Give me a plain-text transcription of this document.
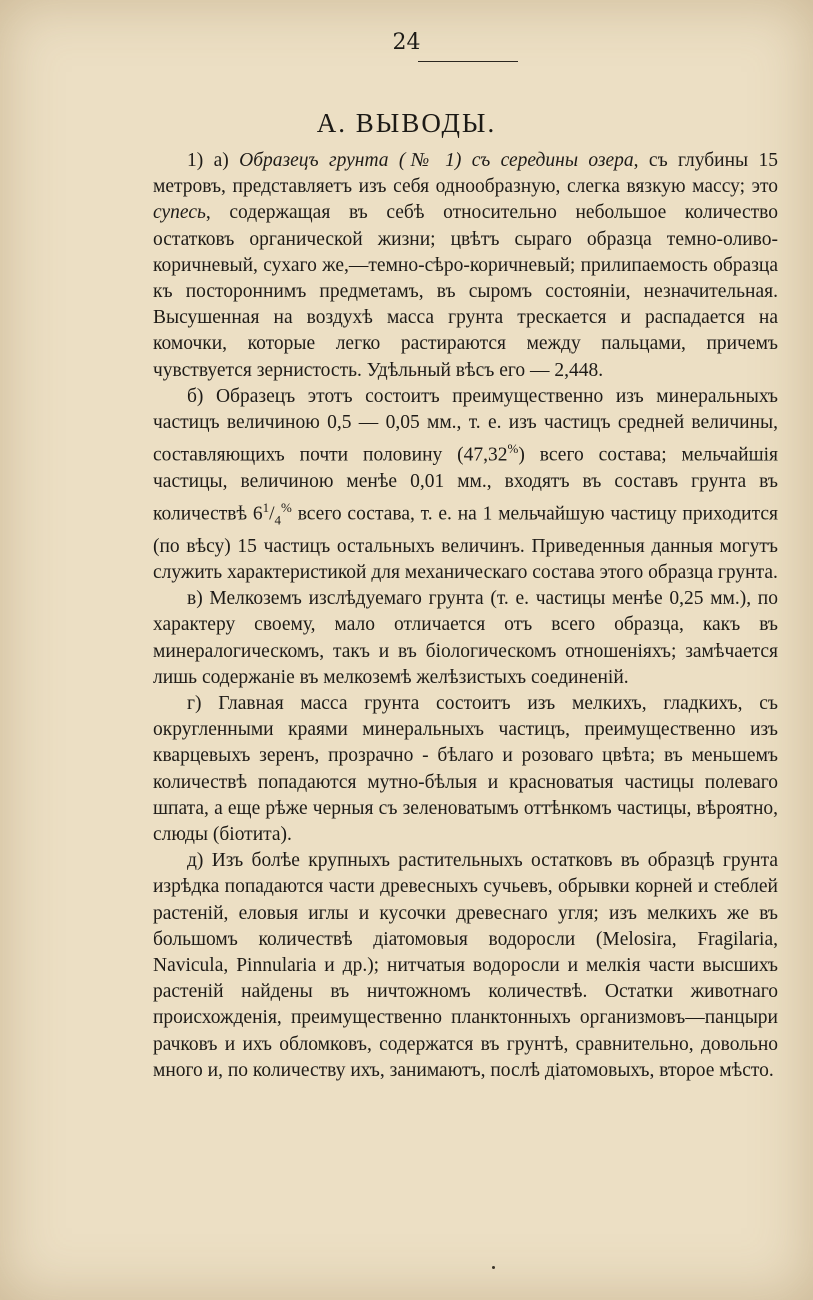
24
А. ВЫВОДЫ.

1) а) Образецъ грунта (№ 1) съ середины озера, съ глубины 15 метровъ, представляетъ изъ себя однообразную, слегка вязкую массу; это супесь, содержащая въ себѣ относительно небольшое количество остатковъ органической жизни; цвѣтъ сыраго образца темно-оливо-коричневый, сухаго же,—темно-сѣро-коричневый; прилипаемость образца къ постороннимъ предметамъ, въ сыромъ состояніи, незначительная. Высушенная на воздухѣ масса грунта трескается и распадается на комочки, которые легко растираются между пальцами, причемъ чувствуется зернистость. Удѣльный вѣсъ его — 2,448.

б) Образецъ этотъ состоитъ преимущественно изъ минеральныхъ частицъ величиною 0,5 — 0,05 мм., т. е. изъ частицъ средней величины, составляющихъ почти половину (47,32%) всего состава; мельчайшія частицы, величиною менѣе 0,01 мм., входятъ въ составъ грунта въ количествѣ $6^1/_4^{\%}$ всего состава, т. е. на 1 мельчайшую частицу приходится (по вѣсу) 15 частицъ остальныхъ величинъ. Приведенныя данныя могутъ служить характеристикой для механическаго состава этого образца грунта.

в) Мелкоземъ изслѣдуемаго грунта (т. е. частицы менѣе 0,25 мм.), по характеру своему, мало отличается отъ всего образца, какъ въ минералогическомъ, такъ и въ біологическомъ отношеніяхъ; замѣчается лишь содержаніе въ мелкоземѣ желѣзистыхъ соединеній.

г) Главная масса грунта состоитъ изъ мелкихъ, гладкихъ, съ округленными краями минеральныхъ частицъ, преимущественно изъ кварцевыхъ зеренъ, прозрачно - бѣлаго и розоваго цвѣта; въ меньшемъ количествѣ попадаются мутно-бѣлыя и красноватыя частицы полеваго шпата, а еще рѣже черныя съ зеленоватымъ оттѣнкомъ частицы, вѣроятно, слюды (біотита).

д) Изъ болѣе крупныхъ растительныхъ остатковъ въ образцѣ грунта изрѣдка попадаются части древесныхъ сучьевъ, обрывки корней и стеблей растеній, еловыя иглы и кусочки древеснаго угля; изъ мелкихъ же въ большомъ количествѣ діатомовыя водоросли (Melosira, Fragilaria, Navicula, Pinnularia и др.); нитчатыя водоросли и мелкія части высшихъ растеній найдены въ ничтожномъ количествѣ. Остатки животнаго происхожденія, преимущественно планктонныхъ организмовъ—панцыри рачковъ и ихъ обломковъ, содержатся въ грунтѣ, сравнительно, довольно много и, по количеству ихъ, занимаютъ, послѣ діатомовыхъ, второе мѣсто.
